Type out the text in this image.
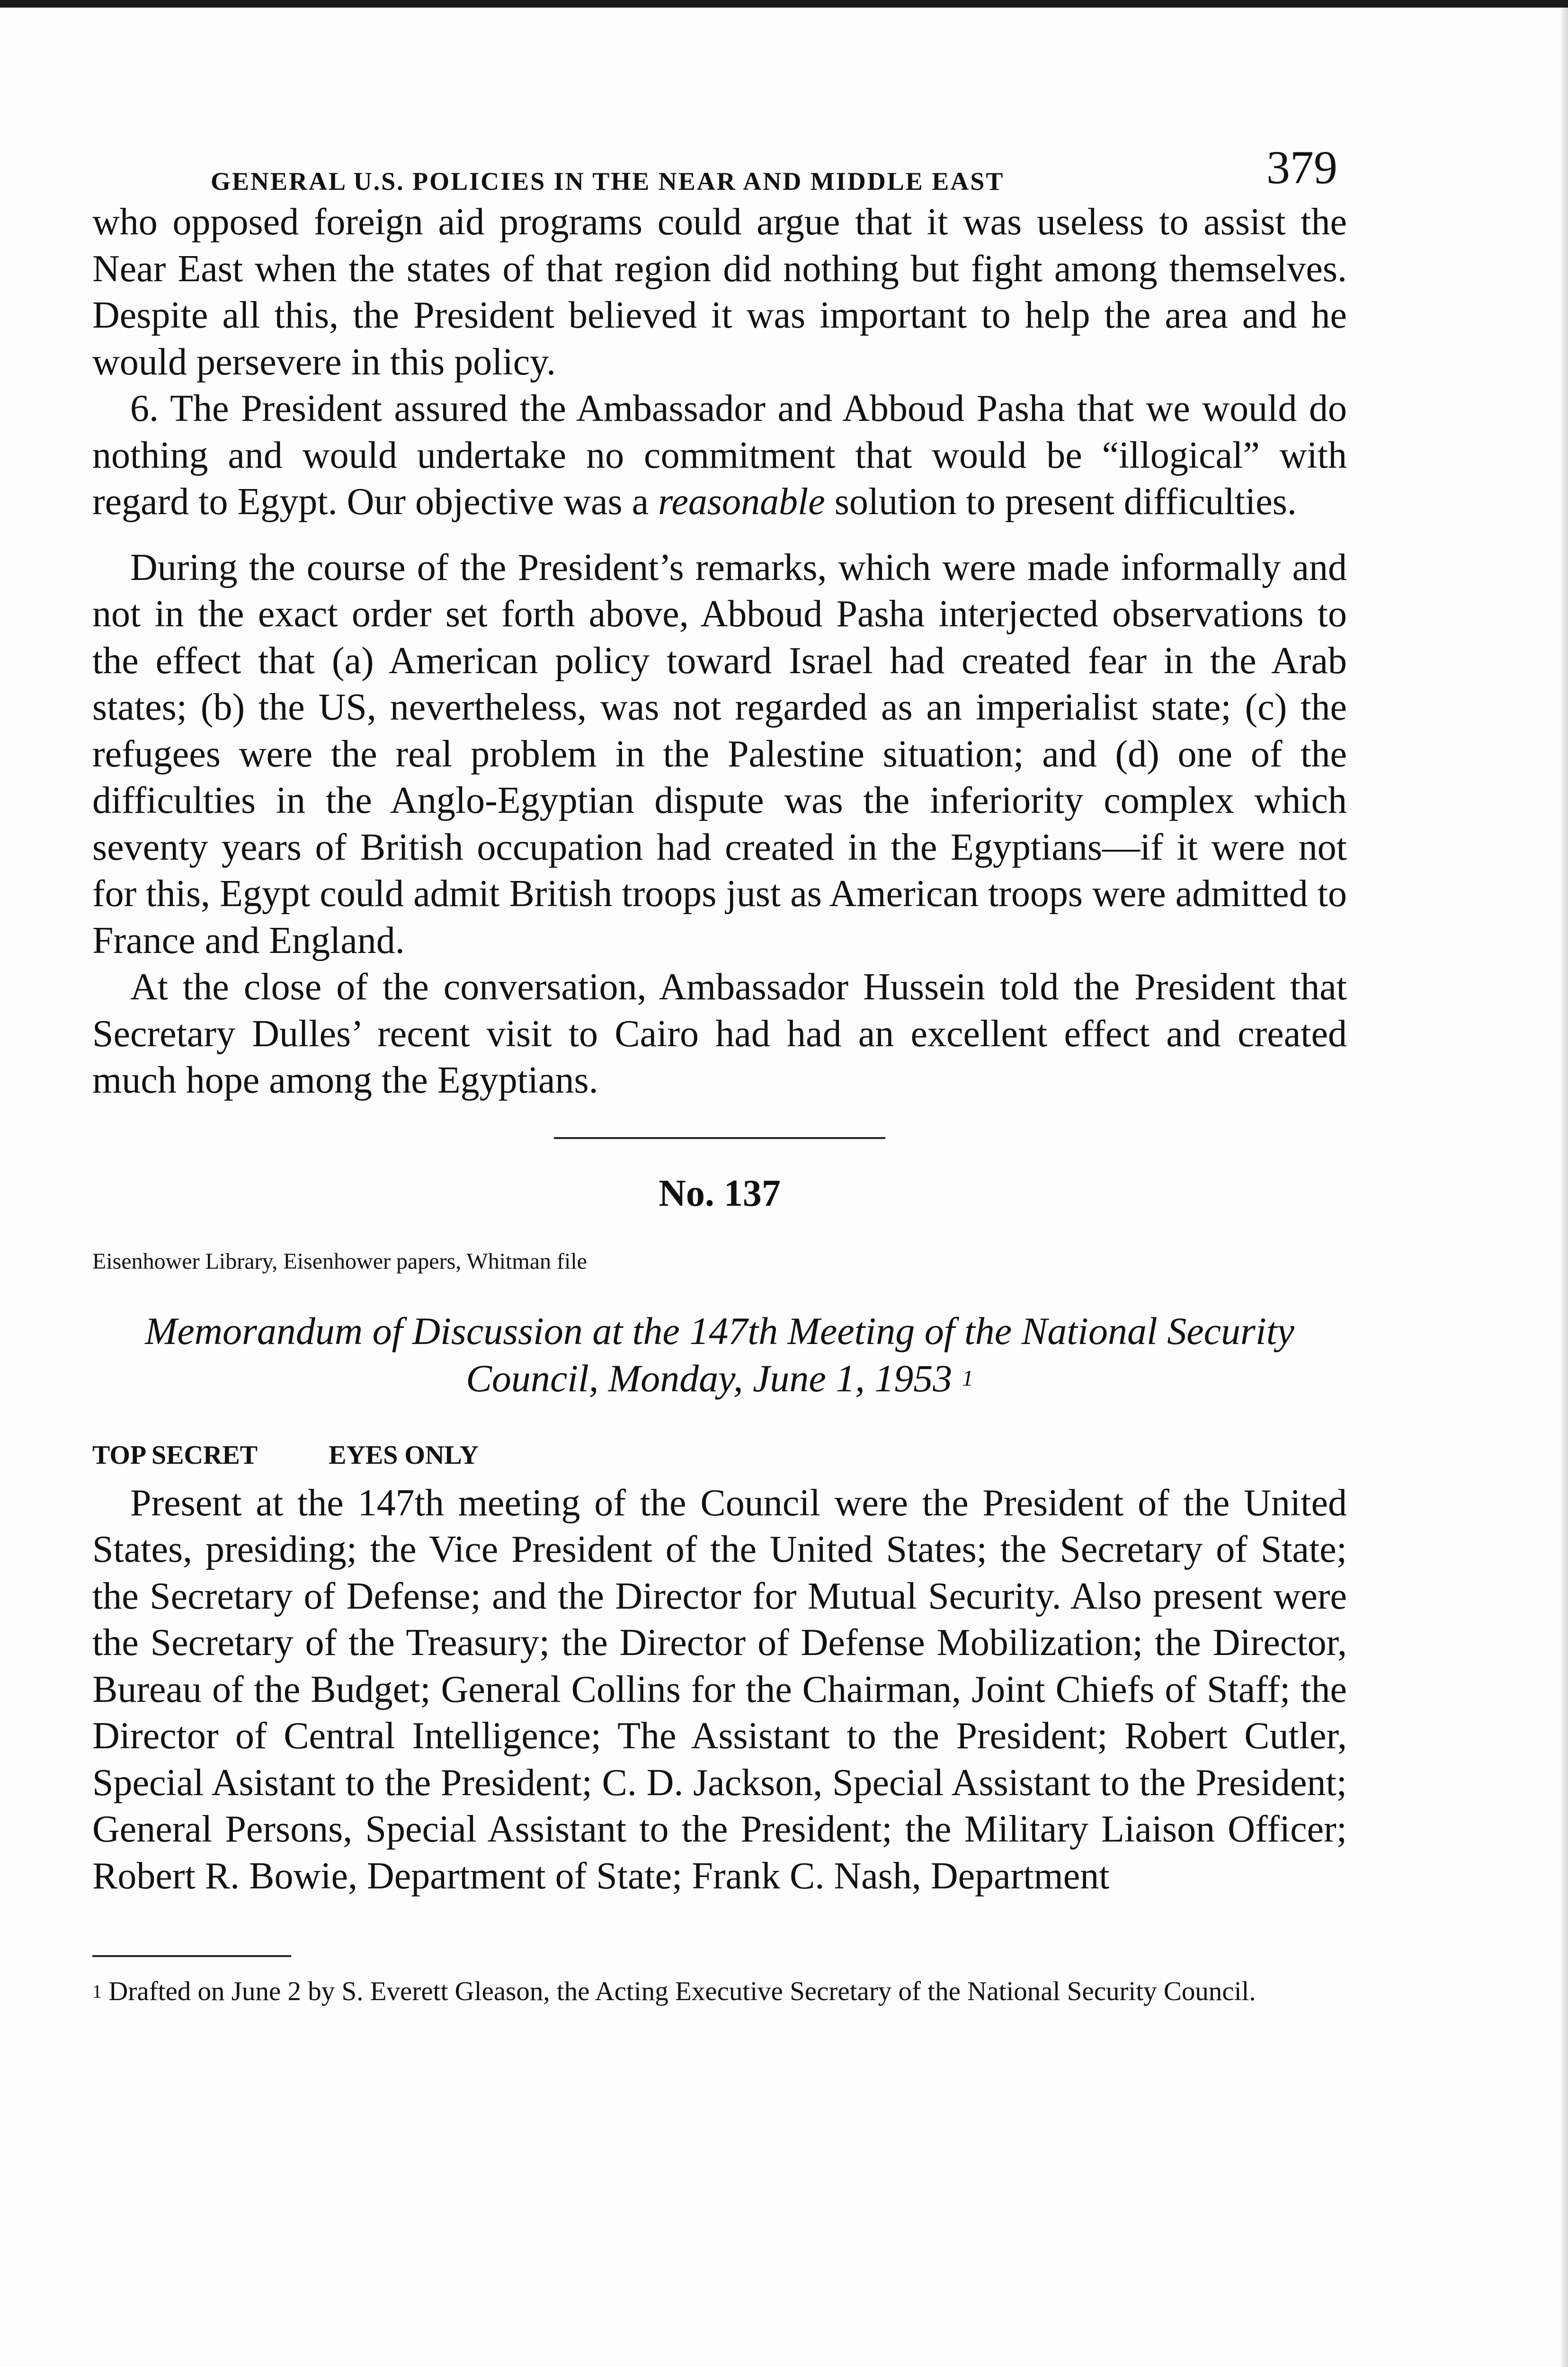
GENERAL U.S. POLICIES IN THE NEAR AND MIDDLE EAST	379

who opposed foreign aid programs could argue that it was useless to assist the Near East when the states of that region did nothing but fight among themselves. Despite all this, the President believed it was important to help the area and he would persevere in this policy.

6. The President assured the Ambassador and Abboud Pasha that we would do nothing and would undertake no commitment that would be “illogical” with regard to Egypt. Our objective was a reasonable solution to present difficulties.

During the course of the President’s remarks, which were made informally and not in the exact order set forth above, Abboud Pasha interjected observations to the effect that (a) American policy toward Israel had created fear in the Arab states; (b) the US, nevertheless, was not regarded as an imperialist state; (c) the refugees were the real problem in the Palestine situation; and (d) one of the difficulties in the Anglo-Egyptian dispute was the inferiority complex which seventy years of British occupation had created in the Egyptians—if it were not for this, Egypt could admit British troops just as American troops were admitted to France and England.

At the close of the conversation, Ambassador Hussein told the President that Secretary Dulles’ recent visit to Cairo had had an excellent effect and created much hope among the Egyptians.

No. 137
Eisenhower Library, Eisenhower papers, Whitman file
Memorandum of Discussion at the 147th Meeting of the National Security Council, Monday, June 1, 1953 $^1$
TOP SECRET	EYES ONLY

Present at the 147th meeting of the Council were the President of the United States, presiding; the Vice President of the United States; the Secretary of State; the Secretary of Defense; and the Director for Mutual Security. Also present were the Secretary of the Treasury; the Director of Defense Mobilization; the Director, Bureau of the Budget; General Collins for the Chairman, Joint Chiefs of Staff; the Director of Central Intelligence; The Assistant to the President; Robert Cutler, Special Asistant to the President; C. D. Jackson, Special Assistant to the President; General Persons, Special Assistant to the President; the Military Liaison Officer; Robert R. Bowie, Department of State; Frank C. Nash, Department

$^1$ Drafted on June 2 by S. Everett Gleason, the Acting Executive Secretary of the National Security Council.
